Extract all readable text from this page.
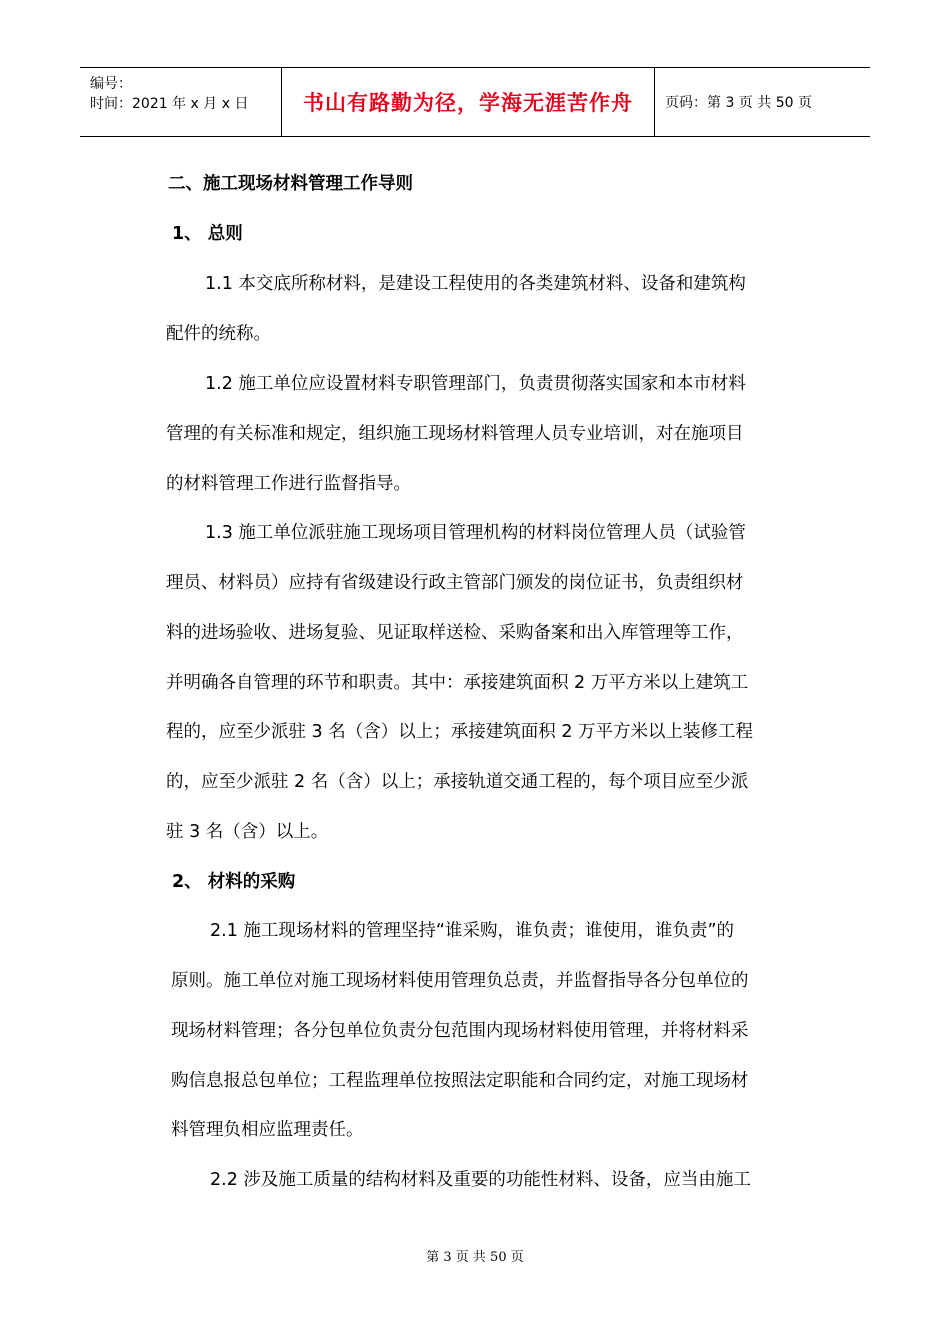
编号：
时间：2021 年 x 月 x 日	书山有路勤为径，学海无涯苦作舟	页码：第 3 页 共 50 页
二、施工现场材料管理工作导则
1、 总则
1.1 本交底所称材料，是建设工程使用的各类建筑材料、设备和建筑构
配件的统称。
1.2 施工单位应设置材料专职管理部门，负责贯彻落实国家和本市材料
管理的有关标准和规定，组织施工现场材料管理人员专业培训，对在施项目
的材料管理工作进行监督指导。
1.3 施工单位派驻施工现场项目管理机构的材料岗位管理人员（试验管
理员、材料员）应持有省级建设行政主管部门颁发的岗位证书，负责组织材
料的进场验收、进场复验、见证取样送检、采购备案和出入库管理等工作，
并明确各自管理的环节和职责。其中：承接建筑面积 2 万平方米以上建筑工
程的，应至少派驻 3 名（含）以上；承接建筑面积 2 万平方米以上装修工程
的，应至少派驻 2 名（含）以上；承接轨道交通工程的，每个项目应至少派
驻 3 名（含）以上。
2、 材料的采购
2.1 施工现场材料的管理坚持“谁采购，谁负责；谁使用，谁负责”的
原则。施工单位对施工现场材料使用管理负总责，并监督指导各分包单位的
现场材料管理；各分包单位负责分包范围内现场材料使用管理，并将材料采
购信息报总包单位；工程监理单位按照法定职能和合同约定，对施工现场材
料管理负相应监理责任。
2.2 涉及施工质量的结构材料及重要的功能性材料、设备，应当由施工
第 3 页 共 50 页
